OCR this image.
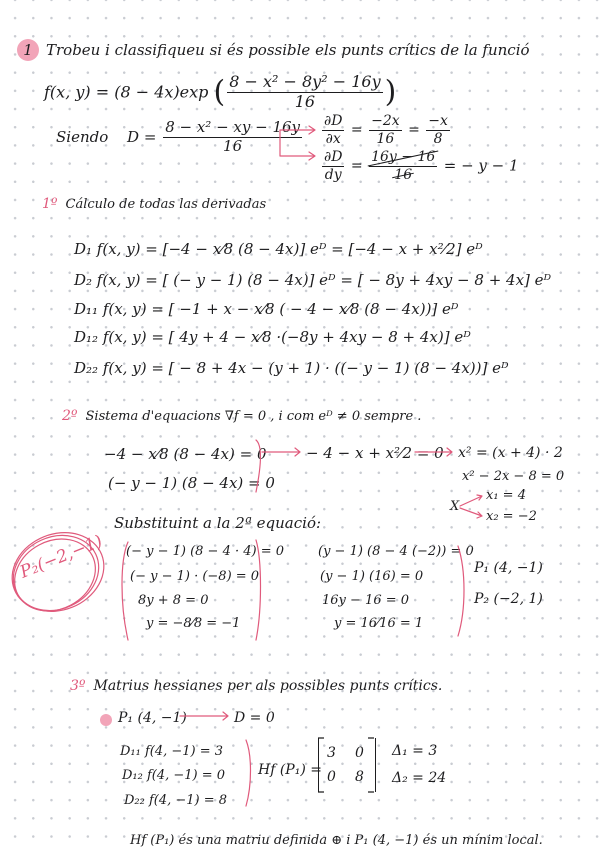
1 Trobeu i classifiqueu si és possible els punts crítics de la funció
f(x, y) = (8 − 4x)exp ( $\frac{\text{8 − x² − 8y² − 16y}}{16}$ )
Siendo $D = \frac{\text{8 − x² − xy − 16y}}{16} \frac{\partial D}{\partial x} = \frac{-2x}{16} = \frac{-x}{8}$
$\frac{\partial D}{dy} = \frac{16y - 16}{16}$ = − y − 1
1º Cálculo de todas las derivadas
D₁ f(x, y) = [−4 − x⁄8 (8 − 4x)] eᴰ = [−4 − x + x²⁄2] eᴰ
D₂ f(x, y) = [ (− y − 1) (8 − 4x)] eᴰ = [ − 8y + 4xy − 8 + 4x] eᴰ
D₁₁ f(x, y) = [ −1 + x − x⁄8 ( − 4 − x⁄8 (8 − 4x))] eᴰ
D₁₂ f(x, y) = [ 4y + 4 − x⁄8 ·(−8y + 4xy − 8 + 4x)] eᴰ
D₂₂ f(x, y) = [ − 8 + 4x − (y + 1) · ((− y − 1) (8 − 4x))] eᴰ
2º Sistema d'equacions ∇f = 0 , i com eᴰ ≠ 0 sempre .
−4 − x⁄8 (8 − 4x) = 0
(− y − 1) (8 − 4x) = 0
− 4 − x + x²⁄2 = 0 x² = (x + 4) · 2
x² − 2x − 8 = 0
X
x₁ = 4
x₂ = −2
Substituint a la 2ª equació:
(− y − 1) (8 − 4 · 4) = 0
(− y − 1) · (−8) = 0
8y + 8 = 0
y = −8⁄8 = −1
(y − 1) (8 − 4 (−2)) = 0
(y − 1) (16) = 0
16y − 16 = 0
y = 16⁄16 = 1
P₁ (4, −1)
P₂ (−2, 1)
P₂(−2,−1)
3º Matrius hessianes per als possibles punts crítics.
P₁ (4, −1)	D = 0
D₁₁ f(4, −1) = 3
D₁₂ f(4, −1) = 0
D₂₂ f(4, −1) = 8
Hf (P₁) =
3 0
0 8
Δ₁ = 3
Δ₂ = 24
Hf (P₁) és una matriu definida ⊕ i P₁ (4, −1) és un mínim local.
